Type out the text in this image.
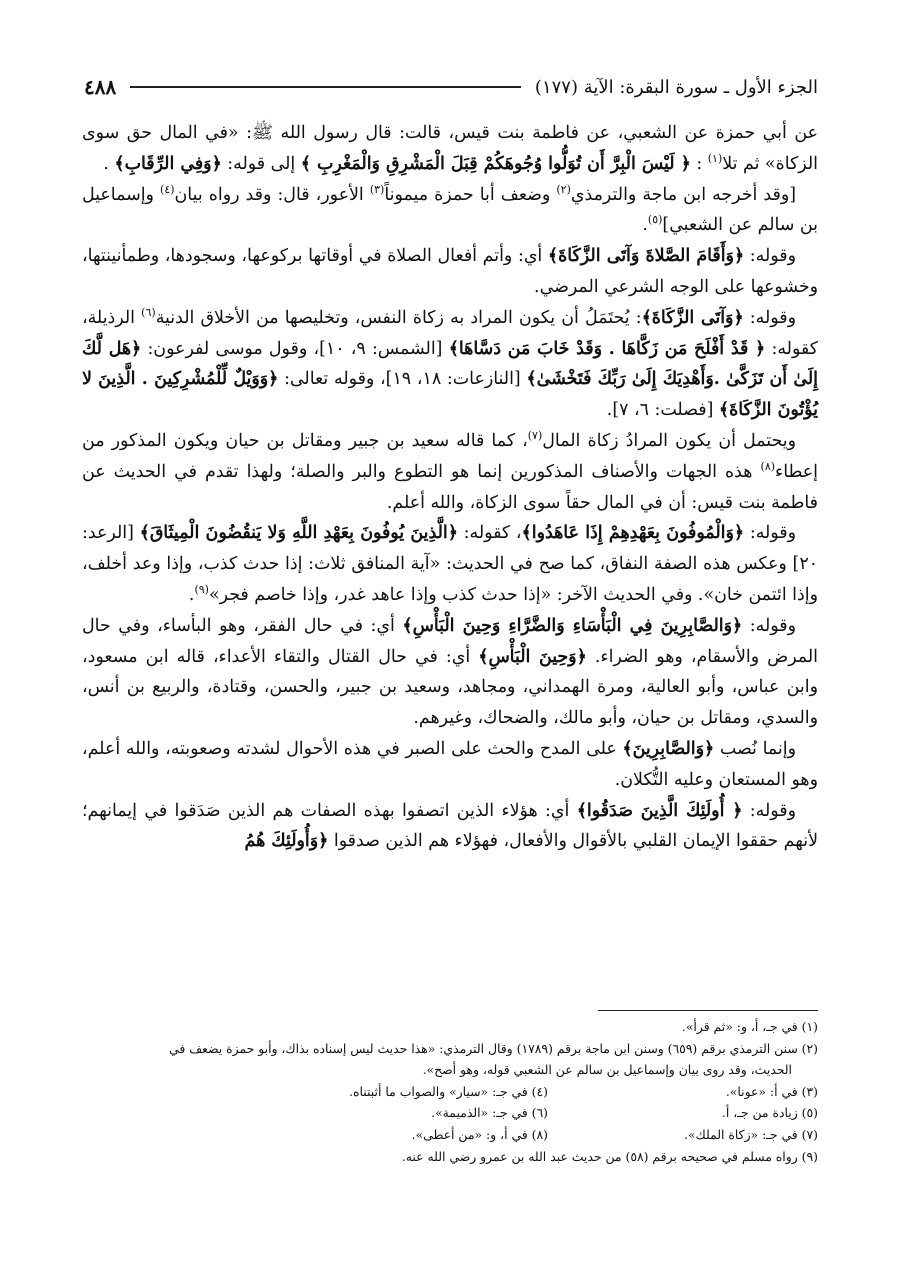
الجزء الأول ـ سورة البقرة: الآية (١٧٧)
٤٨٨

عن أبي حمزة عن الشعبي، عن فاطمة بنت قيس، قالت: قال رسول الله ﷺ: «في المال حق سوى الزكاة» ثم تلا$^{(١)}$ : ﴿ لَيْسَ الْبِرَّ أَن تُوَلُّوا وُجُوهَكُمْ قِبَلَ الْمَشْرِقِ وَالْمَغْرِبِ ﴾ إلى قوله: ﴿وَفِي الرِّقَابِ﴾ .

[وقد أخرجه ابن ماجة والترمذي$^{(٢)}$ وضعف أبا حمزة ميموناً$^{(٣)}$ الأعور، قال: وقد رواه بيان$^{(٤)}$ وإسماعيل بن سالم عن الشعبي]$^{(٥)}$.

وقوله: ﴿وَأَقَامَ الصَّلاةَ وَآتَى الزَّكَاةَ﴾ أي: وأتم أفعال الصلاة في أوقاتها بركوعها، وسجودها، وطمأنينتها، وخشوعها على الوجه الشرعي المرضي.

وقوله: ﴿وَآتَى الزَّكَاةَ﴾: يُحتَمَلُ أن يكون المراد به زكاة النفس، وتخليصها من الأخلاق الدنية$^{(٦)}$ الرذيلة، كقوله: ﴿ قَدْ أَفْلَحَ مَن زَكَّاهَا . وَقَدْ خَابَ مَن دَسَّاهَا﴾ [الشمس: ٩، ١٠]، وقول موسى لفرعون: ﴿هَل لَّكَ إِلَىٰ أَن تَزَكَّىٰ .وَأَهْدِيَكَ إِلَىٰ رَبِّكَ فَتَخْشَىٰ﴾ [النازعات: ١٨، ١٩]، وقوله تعالى: ﴿وَوَيْلٌ لِّلْمُشْرِكِينَ . الَّذِينَ لا يُؤْتُونَ الزَّكَاةَ﴾ [فصلت: ٦، ٧].

ويحتمل أن يكون المرادُ زكاة المال$^{(٧)}$، كما قاله سعيد بن جبير ومقاتل بن حيان ويكون المذكور من إعطاء$^{(٨)}$ هذه الجهات والأصناف المذكورين إنما هو التطوع والبر والصلة؛ ولهذا تقدم في الحديث عن فاطمة بنت قيس: أن في المال حقاً سوى الزكاة، والله أعلم.

وقوله: ﴿وَالْمُوفُونَ بِعَهْدِهِمْ إِذَا عَاهَدُوا﴾، كقوله: ﴿الَّذِينَ يُوفُونَ بِعَهْدِ اللَّهِ وَلا يَنقُضُونَ الْمِيثَاقَ﴾ [الرعد: ٢٠] وعكس هذه الصفة النفاق، كما صح في الحديث: «آية المنافق ثلاث: إذا حدث كذب، وإذا وعد أخلف، وإذا ائتمن خان». وفي الحديث الآخر: «إذا حدث كذب وإذا عاهد غدر، وإذا خاصم فجر»$^{(٩)}$.

وقوله: ﴿وَالصَّابِرِينَ فِي الْبَأْسَاءِ وَالضَّرَّاءِ وَحِينَ الْبَأْسِ﴾ أي: في حال الفقر، وهو البأساء، وفي حال المرض والأسقام، وهو الضراء. ﴿وَحِينَ الْبَأْسِ﴾ أي: في حال القتال والتقاء الأعداء، قاله ابن مسعود، وابن عباس، وأبو العالية، ومرة الهمداني، ومجاهد، وسعيد بن جبير، والحسن، وقتادة، والربيع بن أنس، والسدي، ومقاتل بن حيان، وأبو مالك، والضحاك، وغيرهم.

وإنما نُصب ﴿وَالصَّابِرِينَ﴾ على المدح والحث على الصبر في هذه الأحوال لشدته وصعوبته، والله أعلم، وهو المستعان وعليه التُّكلان.

وقوله: ﴿ أُولَئِكَ الَّذِينَ صَدَقُوا﴾ أي: هؤلاء الذين اتصفوا بهذه الصفات هم الذين صَدَقوا في إيمانهم؛ لأنهم حققوا الإيمان القلبي بالأقوال والأفعال، فهؤلاء هم الذين صدقوا ﴿وَأُولَئِكَ هُمُ

(١) في جـ، أ، و: «ثم قرأ».

(٢) سنن الترمذي برقم (٦٥٩) وسنن ابن ماجة برقم (١٧٨٩) وقال الترمذي: «هذا حديث ليس إسناده بذاك، وأبو حمزة يضعف في

الحديث، وقد روى بيان وإسماعيل بن سالم عن الشعبي قوله، وهو أصح».

(٣) في أ: «عونا».

(٤) في جـ: «سيار» والصواب ما أثبتناه.

(٥) زيادة من جـ، أ.

(٦) في جـ: «الذميمة».

(٧) في جـ: «زكاة الملك».

(٨) في أ، و: «من أعطى».

(٩) رواه مسلم في صحيحه برقم (٥٨) من حديث عبد الله بن عمرو رضي الله عنه.
